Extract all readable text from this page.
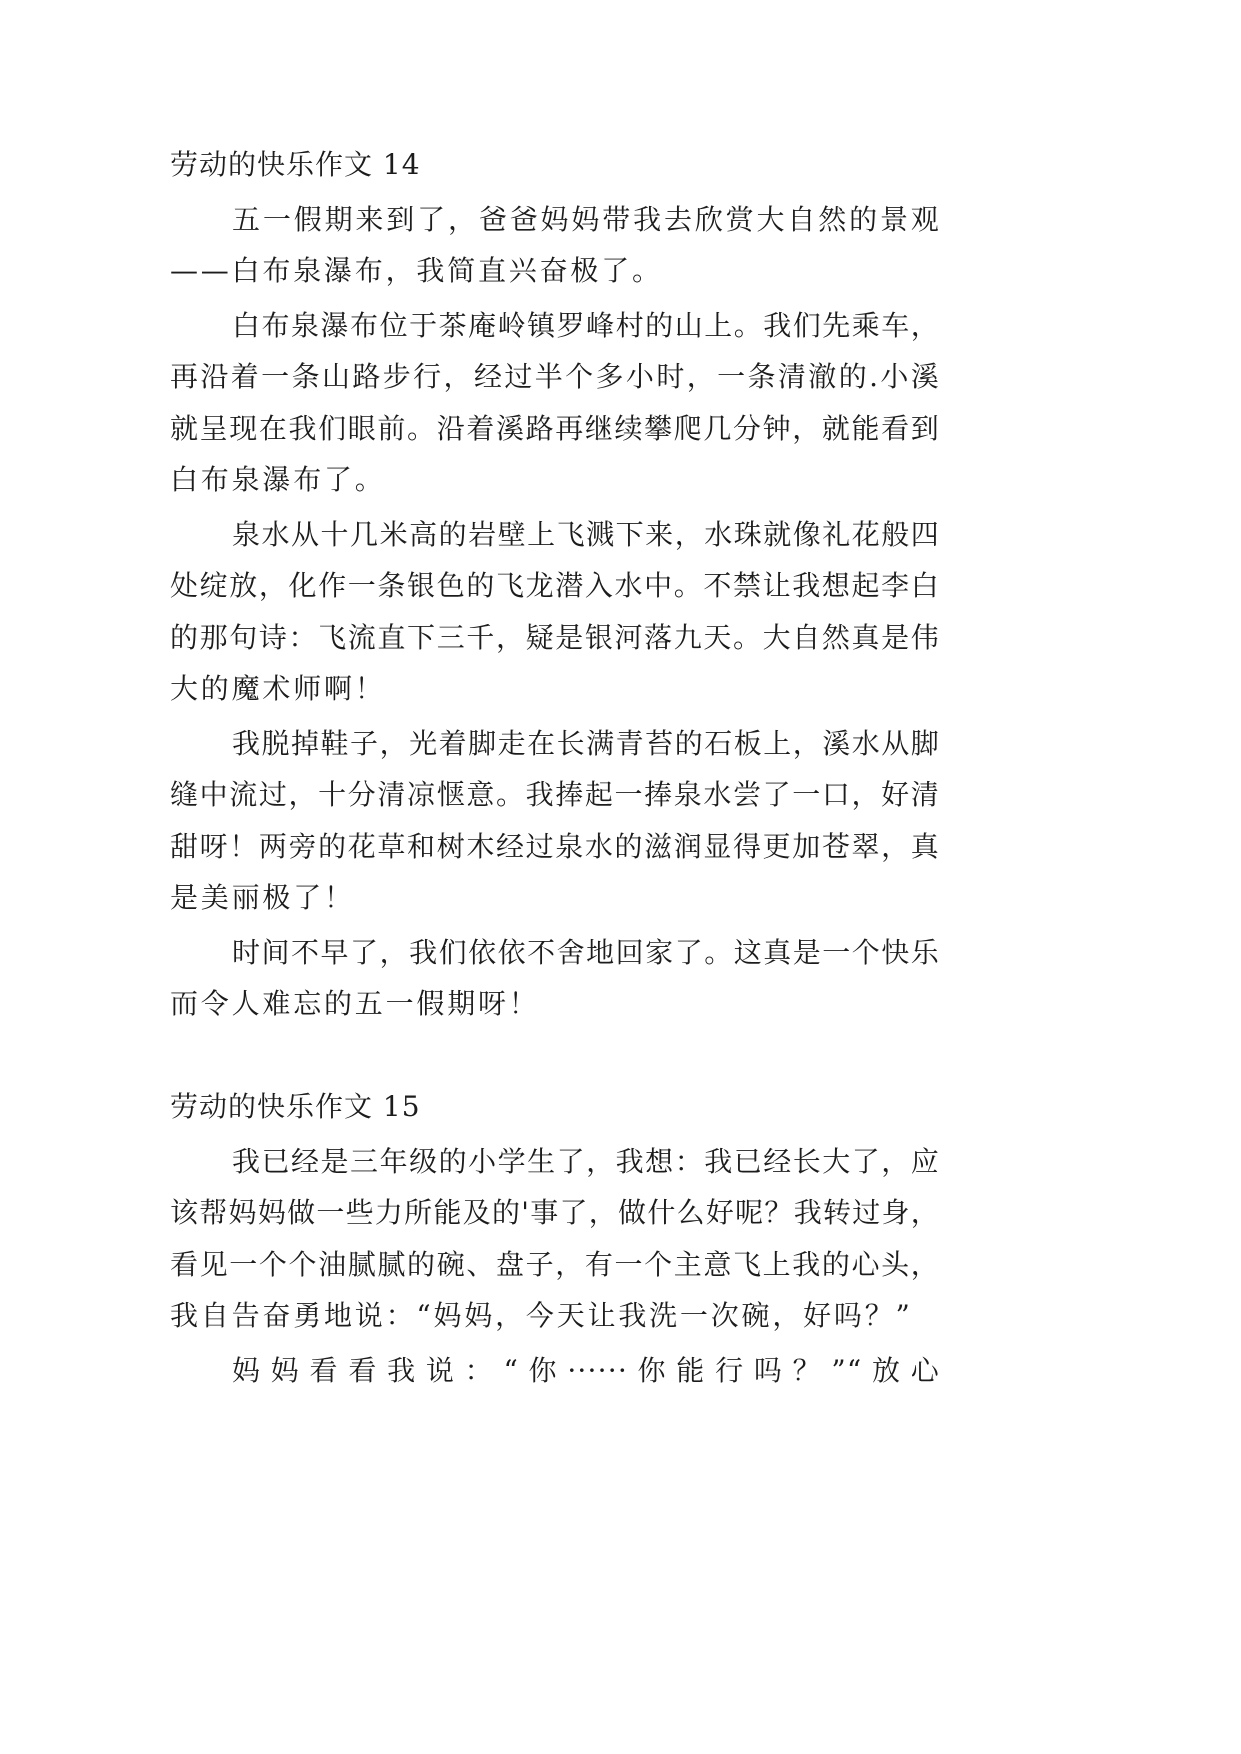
劳动的快乐作文 14
五一假期来到了，爸爸妈妈带我去欣赏大自然的景观
——白布泉瀑布，我简直兴奋极了。
白布泉瀑布位于茶庵岭镇罗峰村的山上。我们先乘车，
再沿着一条山路步行，经过半个多小时，一条清澈的.小溪
就呈现在我们眼前。沿着溪路再继续攀爬几分钟，就能看到
白布泉瀑布了。
泉水从十几米高的岩壁上飞溅下来，水珠就像礼花般四
处绽放，化作一条银色的飞龙潜入水中。不禁让我想起李白
的那句诗：飞流直下三千，疑是银河落九天。大自然真是伟
大的魔术师啊！
我脱掉鞋子，光着脚走在长满青苔的石板上，溪水从脚
缝中流过，十分清凉惬意。我捧起一捧泉水尝了一口，好清
甜呀！两旁的花草和树木经过泉水的滋润显得更加苍翠，真
是美丽极了！
时间不早了，我们依依不舍地回家了。这真是一个快乐
而令人难忘的五一假期呀！
劳动的快乐作文 15
我已经是三年级的小学生了，我想：我已经长大了，应
该帮妈妈做一些力所能及的'事了，做什么好呢？我转过身，
看见一个个油腻腻的碗、盘子，有一个主意飞上我的心头，
我自告奋勇地说：“妈妈，今天让我洗一次碗，好吗？”
妈妈看看我说：“你······你能行吗？”“放心
